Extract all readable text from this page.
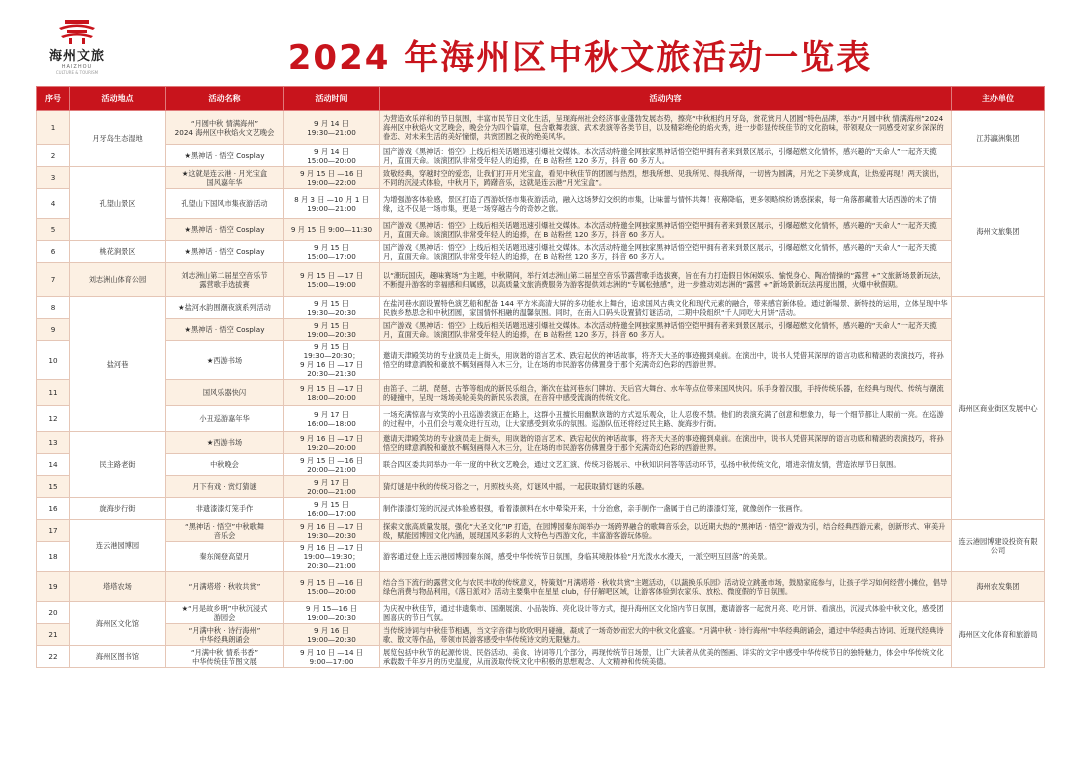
海州文旅
HAIZHOU
CULTURE & TOURISM	2024 年海州区中秋文旅活动一览表
序号	活动地点	活动名称	活动时间	活动内容	主办单位
1	月牙岛生态湿地	“月圆中秋 情满海州”
2024 海州区中秋焰火文艺晚会	9 月 14 日
19:30—21:00	为营造欢乐祥和的节日氛围，丰富市民节日文化生活，呈现海州社会经济事业蓬勃发展态势，擦亮“中秋相约月牙岛，赏花赏月人团圆”特色品牌，举办“月圆中秋 情满海州”2024 海州区中秋焰火文艺晚会，晚会分为四个篇章，包含歌舞表演、武术表演等各类节目，以及精彩绝伦的焰火秀，进一步彰显传统佳节的文化韵味，带领观众一同感受对家乡深深的眷恋、对未来生活的美好憧憬，共赏团圆之夜的绝美风华。	江苏瀛洲集团
2		★黑神话 · 悟空 Cosplay	9 月 14 日
15:00—20:00	国产游戏《黑神话：悟空》上线后相关话题迅速引爆社交媒体。本次活动特邀全网独家黑神话悟空铠甲拥有者来到景区展示，引爆超燃文化情怀，感兴趣的“天命人”一起齐天揽月，直面天命。该演团队非常受年轻人的追捧，在 B 站粉丝 120 多万，抖音 60 多万人。	
3	孔望山景区	★这就是连云港 · 月光宝盒
国风嘉年华	9 月 15 日 —16 日
19:00—22:00	致敬经典，穿越时空的爱恋，让我们打开月光宝盒，看见中秋佳节的团圆与热烈，想我所想、见我所见、得我所得，一切皆为圆满，月光之下美梦成真，让热爱再现！两天演出，不同的沉浸式体验，中秋月下，踌躇音乐，这就是连云港“月光宝盒”。	海州文旅集团
4		孔望山下国风市集夜游活动	8 月 3 日 —10 月 1 日
19:00—21:00	为增强游客体验感，景区打造了西游妖怪市集夜游活动，融入这场梦幻交织的市集，让味蕾与情怀共舞！夜幕降临，更多领略缤纷诱惑探索，每一角落都藏着大话西游的未了情缘，这不仅是一场市集，更是一场穿越古今的奇妙之旅。	
5		★黑神话 · 悟空 Cosplay	9 月 15 日 9:00—11:30	国产游戏《黑神话：悟空》上线后相关话题迅速引爆社交媒体。本次活动特邀全网独家黑神话悟空铠甲拥有者来到景区展示，引爆超燃文化情怀，感兴趣的“天命人”一起齐天揽月，直面天命。该演团队非常受年轻人的追捧，在 B 站粉丝 120 多万，抖音 60 多万人。	
6	桃花涧景区	★黑神话 · 悟空 Cosplay	9 月 15 日
15:00—17:00	国产游戏《黑神话：悟空》上线后相关话题迅速引爆社交媒体。本次活动特邀全网独家黑神话悟空铠甲拥有者来到景区展示，引爆超燃文化情怀，感兴趣的“天命人”一起齐天揽月，直面天命。该演团队非常受年轻人的追捧，在 B 站粉丝 120 多万，抖音 60 多万人。	
7	刘志洲山体育公园	刘志洲山第二届星空音乐节
露营歌手选拔赛	9 月 15 日 —17 日
15:00—19:00	以“潮玩国庆，趣味赛场”为主题，中秋期间，举行刘志洲山第二届星空音乐节露营歌手选拔赛，旨在有力打造假日休闲娱乐、愉悦身心、陶冶情操的“露营 +”文旅新场景新玩法，不断提升游客的幸福感和归属感，以高质量文旅消费服务为游客提供刘志洲的“专属松弛感”，进一步推动刘志洲的“露营 +”新场景新玩法再度出圈，火爆中秋假期。	
8	盐河巷	★盐河水韵围潮夜演系列活动	9 月 15 日
19:30—20:30	在盐河巷水面设置特色演艺船和配备 144 平方米高清大屏的多功能水上舞台，追求国风古典文化和现代元素的融合，带来感官新体验。通过新場景、新特技的运用，立体呈现中华民族乡愁思念和中秋团圆，家国情怀相融的温馨氛围。同时，在南入口码头设置猜灯谜活动，二期中段组织“千人同吃大月饼”活动。	海州区商业街区发展中心
9		★黑神话 · 悟空 Cosplay	9 月 15 日
19:00—20:30	国产游戏《黑神话：悟空》上线后相关话题迅速引爆社交媒体。本次活动特邀全网独家黑神话悟空铠甲拥有者来到景区展示，引爆超燃文化情怀，感兴趣的“天命人”一起齐天揽月，直面天命。该演团队非常受年轻人的追捧，在 B 站粉丝 120 多万，抖音 60 多万人。	
10		★西游书场	9 月 15 日
19:30—20:30；
9 月 16 日 —17 日
20:30—21:30	邀请天津殿笑坊的专业演员走上街头，用诙谐的语言艺术、跌宕起伏的神话故事，将齐天大圣的事迹搬到桌前。在演出中，说书人凭借其深厚的语言功底和精湛的表演技巧，将孙悟空的肆意洒脱和豪放不羁刻画得入木三分，让在场的市民游客仿佛置身于那个充满奇幻色彩的西游世界。	
11		国风乐器快闪	9 月 15 日 —17 日
18:00—20:00	由笛子、二胡、琵琶、古筝等组成的新民乐组合，渐次在盐河巷东门牌坊、天后宫大舞台、水车等点位带来国风快闪。乐手身着汉服，手持传统乐器，在经典与现代、传统与潮流的碰撞中，呈现一场场美轮美奂的新民乐表演，在音符中感受流淌的传统文化。	
12		小丑巡游嘉年华	9 月 17 日
16:00—18:00	一场充满惊喜与欢笑的小丑巡游表演正在路上，这群小丑擅长用幽默诙谐的方式逗乐观众，让人忍俊不禁。他们的表演充满了创意和想象力，每一个细节都让人眼前一亮。在巡游的过程中，小丑们会与观众进行互动，让大家感受到欢乐的氛围。巡游队伍还将经过民主路、旋海步行街。	
13	民主路老街	★西游书场	9 月 16 日 —17 日
19:20—20:00	邀请天津殿笑坊的专业演员走上街头，用诙谐的语言艺术、跌宕起伏的神话故事，将齐天大圣的事迹搬到桌前。在演出中，说书人凭借其深厚的语言功底和精湛的表演技巧，将孙悟空的肆意洒脱和豪放不羁刻画得入木三分，让在场的市民游客仿佛置身于那个充满奇幻色彩的西游世界。	
14		中秋晚会	9 月 15 日 —16 日
20:00—21:00	联合四区委共同举办一年一度的中秋文艺晚会，通过文艺汇演、传统习俗展示、中秋知识问答等活动环节，弘扬中秋传统文化，增进亲情友情，营造浓厚节日氛围。	
15		月下有戏 · 赏灯猜谜	9 月 17 日
20:00—21:00	猜灯谜是中秋的传统习俗之一，月照枝头亮，灯谜风中摇，一起获取猜灯谜的乐趣。	
16	旋海步行街	非遗漆漆灯笼手作	9 月 15 日
16:00—17:00	制作漆漆灯笼的沉浸式体验感很强，看着漆颜料在水中晕染开来，十分治愈，亲手制作一盏属于自己的漆漆灯笼，就像创作一张画作。	
17	连云港园博园	“黑神话 · 悟空”中秋歌舞
音乐会	9 月 16 日 —17 日
19:30—20:30	探索文旅高质量发展，强化“大圣文化”IP 打造，在园博园秦东阁举办一场跨界融合的歌舞音乐会，以近期大热的“黑神话 · 悟空”游戏为引，结合经典西游元素，创新形式、审美升级，赋能园博园文化内涵，展现国风多彩的人文特色与西游文化，丰富游客游玩体验。	连云港园博建设投资有限公司
18		秦东阁登高望月	9 月 16 日 —17 日
19:00—19:30；
20:30—21:00	游客通过登上连云港园博园秦东阁，感受中华传统节日氛围，身临其境般体验“月光泼水水漫天，一派空明互回落”的美景。	
19	塔塔农场	“月满塔塔 · 秋收共赏”	9 月 15 日 —16 日
15:00—20:00	结合当下流行的露营文化与农民丰收的传统意义，特策划“月满塔塔 · 秋收共赏”主题活动，《以蔬换乐乐园》活动设立跳蚤市场，鼓励家庭参与，让孩子学习如何经营小摊位，倡导绿色消费与物品利用，《落日派对》活动主要集中在星星 club，仔仔解吧区域，让游客体验到农家乐、放松、微度假的节日氛围。	海州农发集团
20	海州区文化馆	★“月是故乡明”中秋沉浸式
游园会	9 月 15—16 日
19:00—20:30	为庆祝中秋佳节，通过非遗集市、国潮展演、小品装饰、亮化设计等方式，提升海州区文化馆内节日氛围，邀请游客一起赏月亮、吃月饼、看演出，沉浸式体验中秋文化，感受团圆喜庆的节日气氛。	海州区文化体育和旅游局
21		“月满中秋 · 诗行海州”
中华经典朗诵会	9 月 16 日
19:00—20:30	当传统诗词与中秋佳节相遇，当文字音律与吹吹明月碰撞，凝成了一场奇妙而宏大的中秋文化盛宴。“月满中秋 · 诗行海州”中华经典朗诵会，通过中华经典古诗词、近现代经典诗歌、散文等作品，带领市民游客感受中华传统诗文的无限魅力。	
22	海州区图书馆	“月满中秋 情系书香”
中华传统佳节图文展	9 月 10 日 —14 日
9:00—17:00	展览包括中秋节的起源传说、民俗活动、美食、诗词等几个部分，再现传统节日场景，让广大读者从优美的图画、详实的文字中感受中华传统节日的独特魅力，体会中华传统文化承载数千年岁月的历史温度，从而汲取传统文化中积极的思想观念、人文精神和传统美德。	
